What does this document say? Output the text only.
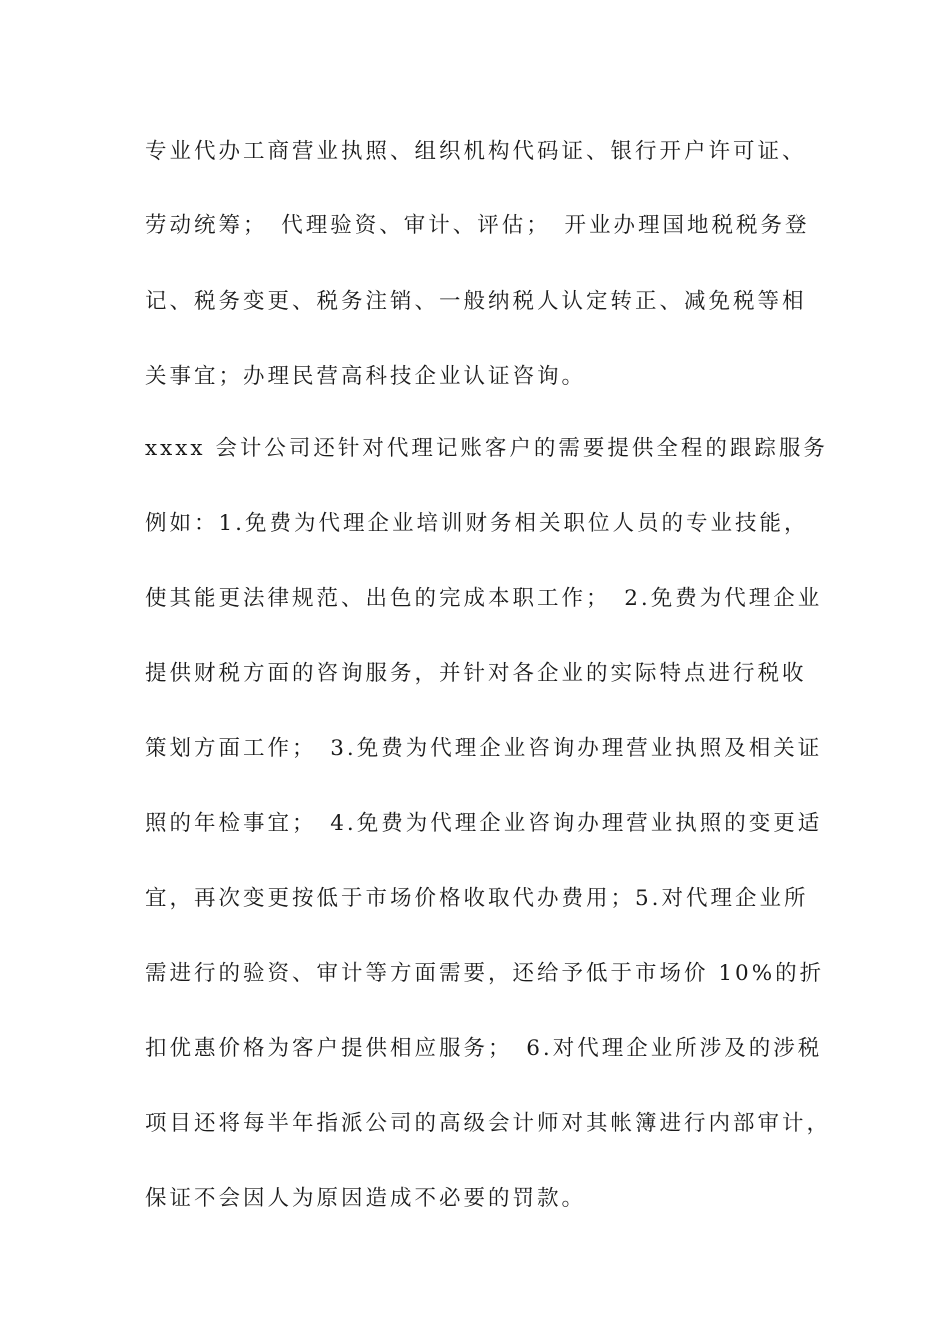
专业代办工商营业执照、组织机构代码证、银行开户许可证、
劳动统筹；　代理验资、审计、评估；　开业办理国地税税务登
记、税务变更、税务注销、一般纳税人认定转正、减免税等相
关事宜；办理民营高科技企业认证咨询。
xxxx 会计公司还针对代理记账客户的需要提供全程的跟踪服务
例如：1.免费为代理企业培训财务相关职位人员的专业技能，
使其能更法律规范、出色的完成本职工作；　2.免费为代理企业
提供财税方面的咨询服务，并针对各企业的实际特点进行税收
策划方面工作；　3.免费为代理企业咨询办理营业执照及相关证
照的年检事宜；　4.免费为代理企业咨询办理营业执照的变更适
宜，再次变更按低于市场价格收取代办费用；5.对代理企业所
需进行的验资、审计等方面需要，还给予低于市场价 10%的折
扣优惠价格为客户提供相应服务；　6.对代理企业所涉及的涉税
项目还将每半年指派公司的高级会计师对其帐簿进行内部审计，
保证不会因人为原因造成不必要的罚款。
